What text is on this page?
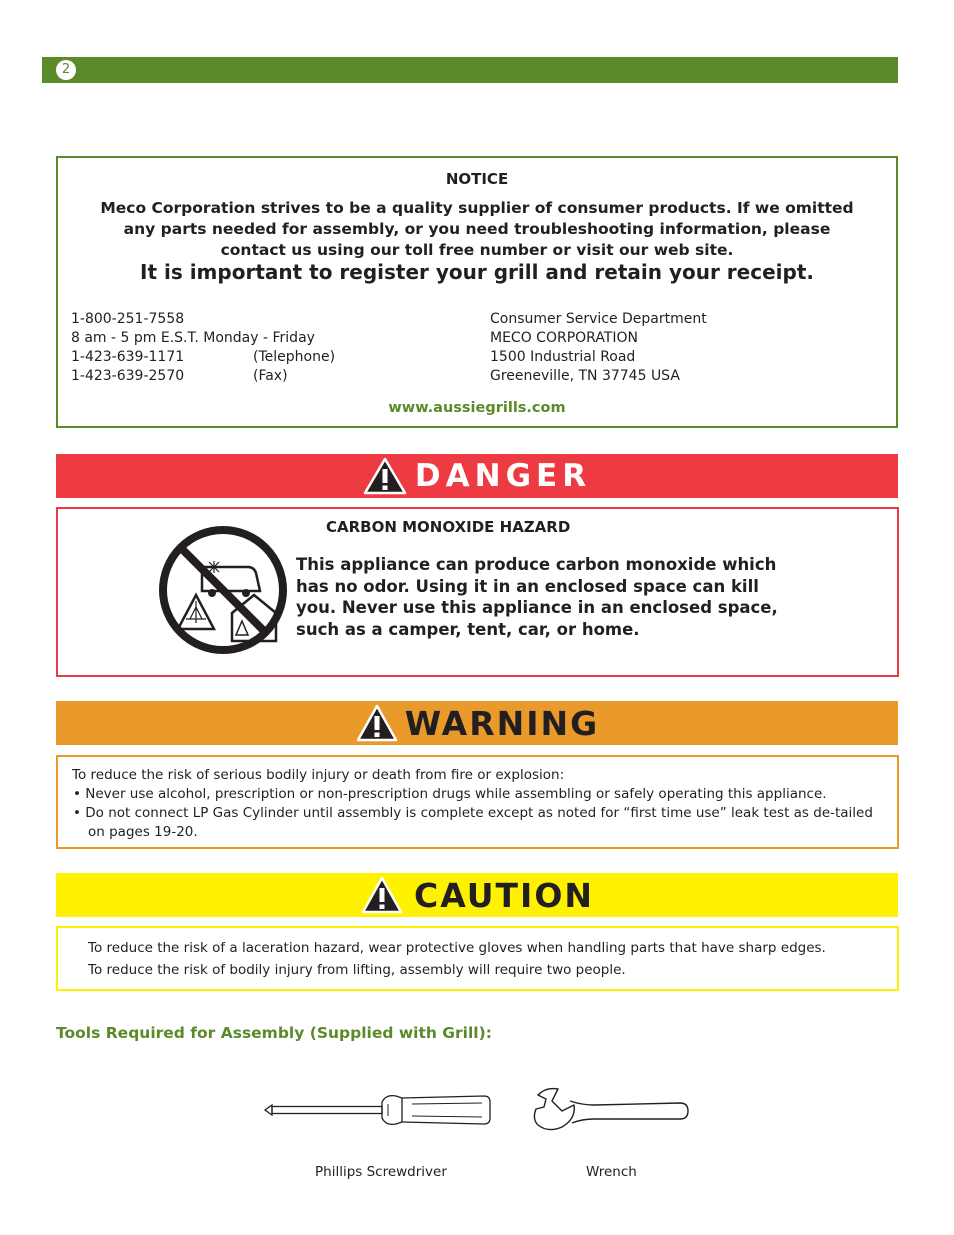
2
NOTICE
Meco Corporation strives to be a quality supplier of consumer products. If we omitted
any parts needed for assembly, or you need troubleshooting information, please
contact us using our toll free number or visit our web site.
It is important to register your grill and retain your receipt.
1-800-251-7558
8 am - 5 pm E.S.T. Monday - Friday
1-423-639-1171	(Telephone)
1-423-639-2570	(Fax)
Consumer Service Department
MECO CORPORATION
1500 Industrial Road
Greeneville, TN 37745 USA
www.aussiegrills.com
DANGER
CARBON MONOXIDE HAZARD
This appliance can produce carbon monoxide which
has no odor. Using it in an enclosed space can kill
you. Never use this appliance in an enclosed space,
such as a camper, tent, car, or home.
WARNING
To reduce the risk of serious bodily injury or death from fire or explosion:
• Never use alcohol, prescription or non-prescription drugs while assembling or safely operating this appliance.
• Do not connect LP Gas Cylinder until assembly is complete except as noted for “first time use” leak test as de-tailed on pages 19-20.
CAUTION
To reduce the risk of a laceration hazard, wear protective gloves when handling parts that have sharp edges.
To reduce the risk of bodily injury from lifting, assembly will require two people.
Tools Required for Assembly (Supplied with Grill):
Phillips Screwdriver	Wrench
